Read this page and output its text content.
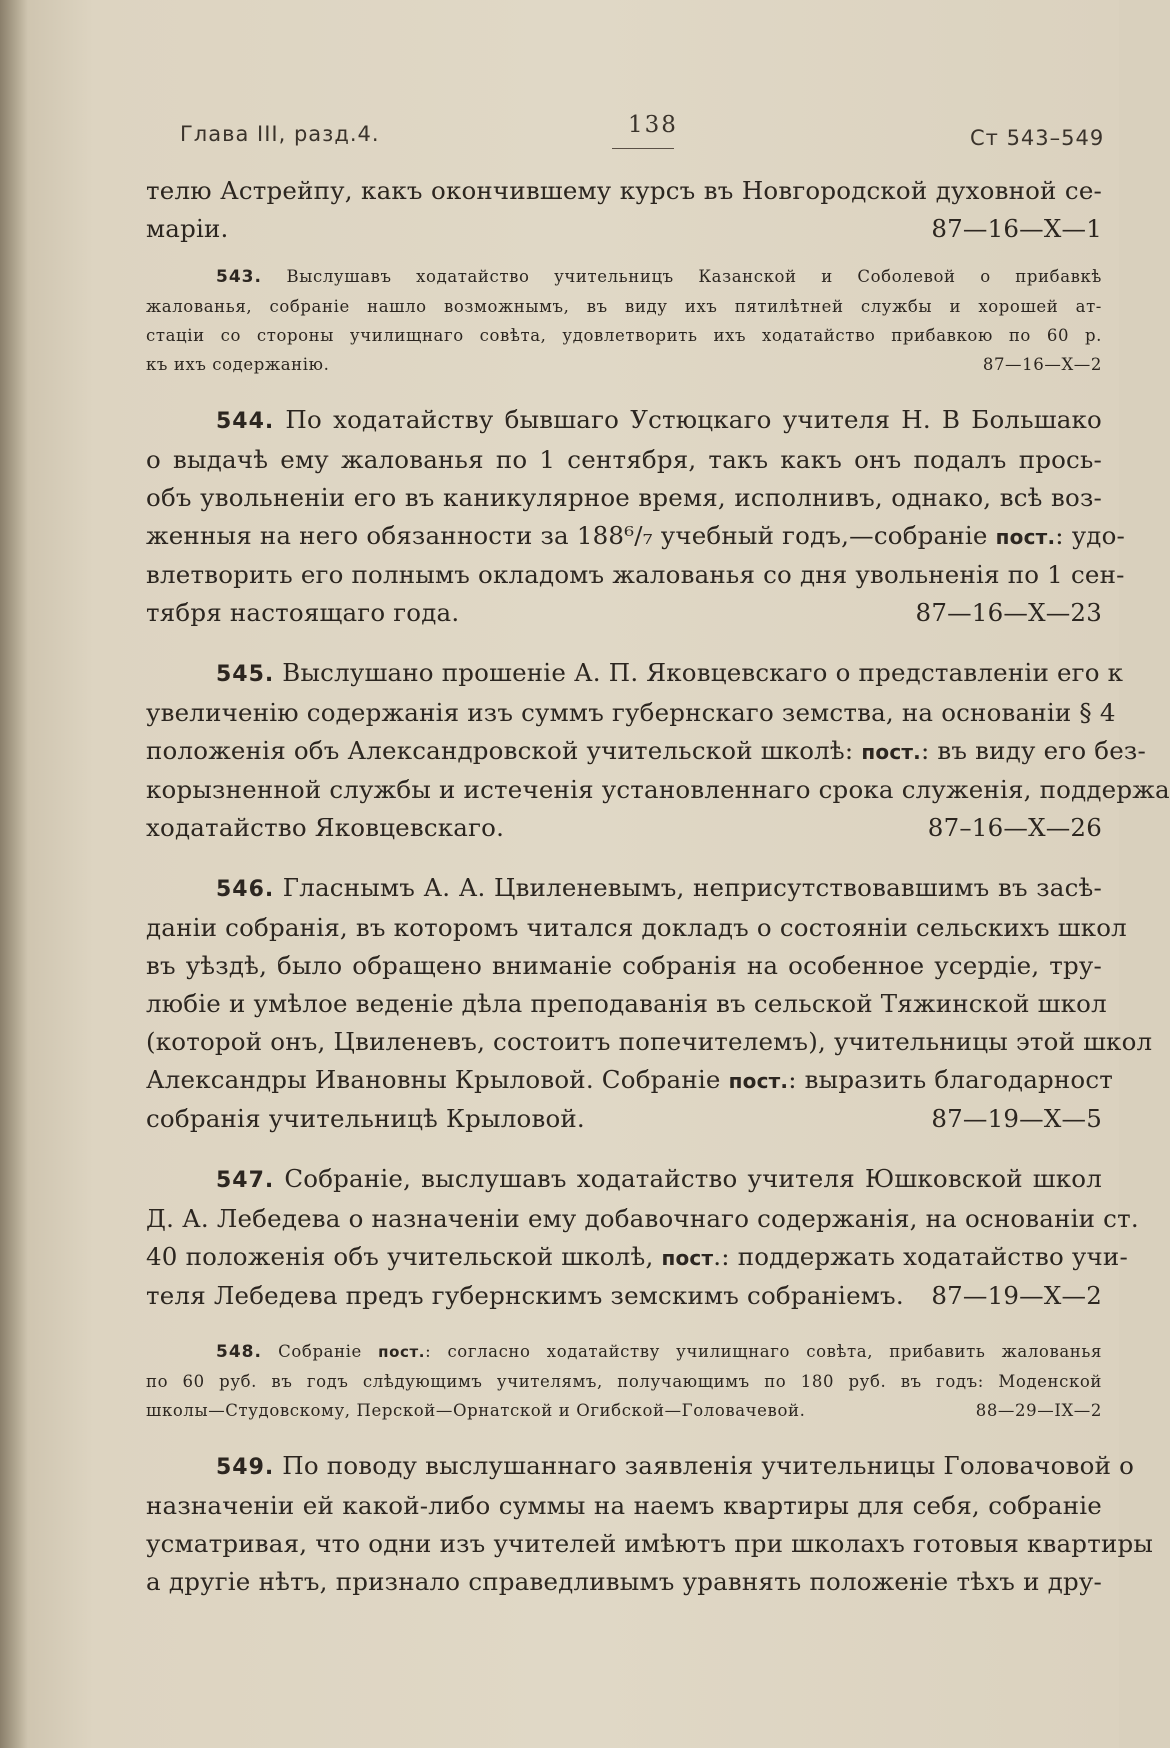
Глава III, разд.4.	138	Ст 543–549
телю Астрейпу, какъ окончившему курсъ въ Новгородской духовной се-
маріи.	87—16—X—1
543. Выслушавъ ходатайство учительницъ Казанской и Соболевой о прибавкѣ
жалованья, собраніе нашло возможнымъ, въ виду ихъ пятилѣтней службы и хорошей ат-
стаціи со стороны училищнаго совѣта, удовлетворить ихъ ходатайство прибавкою по 60 р.
къ ихъ содержанію.	87—16—X—2
544. По ходатайству бывшаго Устюцкаго учителя Н. В Большако
о выдачѣ ему жалованья по 1 сентября, такъ какъ онъ подалъ прось-
объ увольненіи его въ каникулярное время, исполнивъ, однако, всѣ воз-
женныя на него обязанности за 188⁶/₇ учебный годъ,—собраніе пост.: удо-
влетворить его полнымъ окладомъ жалованья со дня увольненія по 1 сен-
тября настоящаго года.	87—16—X—23
545. Выслушано прошеніе А. П. Яковцевскаго о представленіи его к
увеличенію содержанія изъ суммъ губернскаго земства, на основаніи § 4
положенія объ Александровской учительской школѣ: пост.: въ виду его без-
корызненной службы и истеченія установленнаго срока служенія, поддержа
ходатайство Яковцевскаго.	87–16—X—26
546. Гласнымъ А. А. Цвиленевымъ, неприсутствовавшимъ въ засѣ-
даніи собранія, въ которомъ читался докладъ о состояніи сельскихъ школ
въ уѣздѣ, было обращено вниманіе собранія на особенное усердіе, тру-
любіе и умѣлое веденіе дѣла преподаванія въ сельской Тяжинской школ
(которой онъ, Цвиленевъ, состоитъ попечителемъ), учительницы этой школ
Александры Ивановны Крыловой. Собраніе пост.: выразить благодарност
собранія учительницѣ Крыловой.	87—19—X—5
547. Собраніе, выслушавъ ходатайство учителя Юшковской школ
Д. А. Лебедева о назначеніи ему добавочнаго содержанія, на основаніи ст.
40 положенія объ учительской школѣ, пост.: поддержать ходатайство учи-
теля Лебедева предъ губернскимъ земскимъ собраніемъ. 87—19—X—2
548. Собраніе пост.: согласно ходатайству училищнаго совѣта, прибавить жалованья
по 60 руб. въ годъ слѣдующимъ учителямъ, получающимъ по 180 руб. въ годъ: Моденской
школы—Студовскому, Перской—Орнатской и Огибской—Головачевой.	88—29—IX—2
549. По поводу выслушаннаго заявленія учительницы Головачовой о
назначеніи ей какой-либо суммы на наемъ квартиры для себя, собраніе
усматривая, что одни изъ учителей имѣютъ при школахъ готовыя квартиры
а другіе нѣтъ, признало справедливымъ уравнять положеніе тѣхъ и дру-
